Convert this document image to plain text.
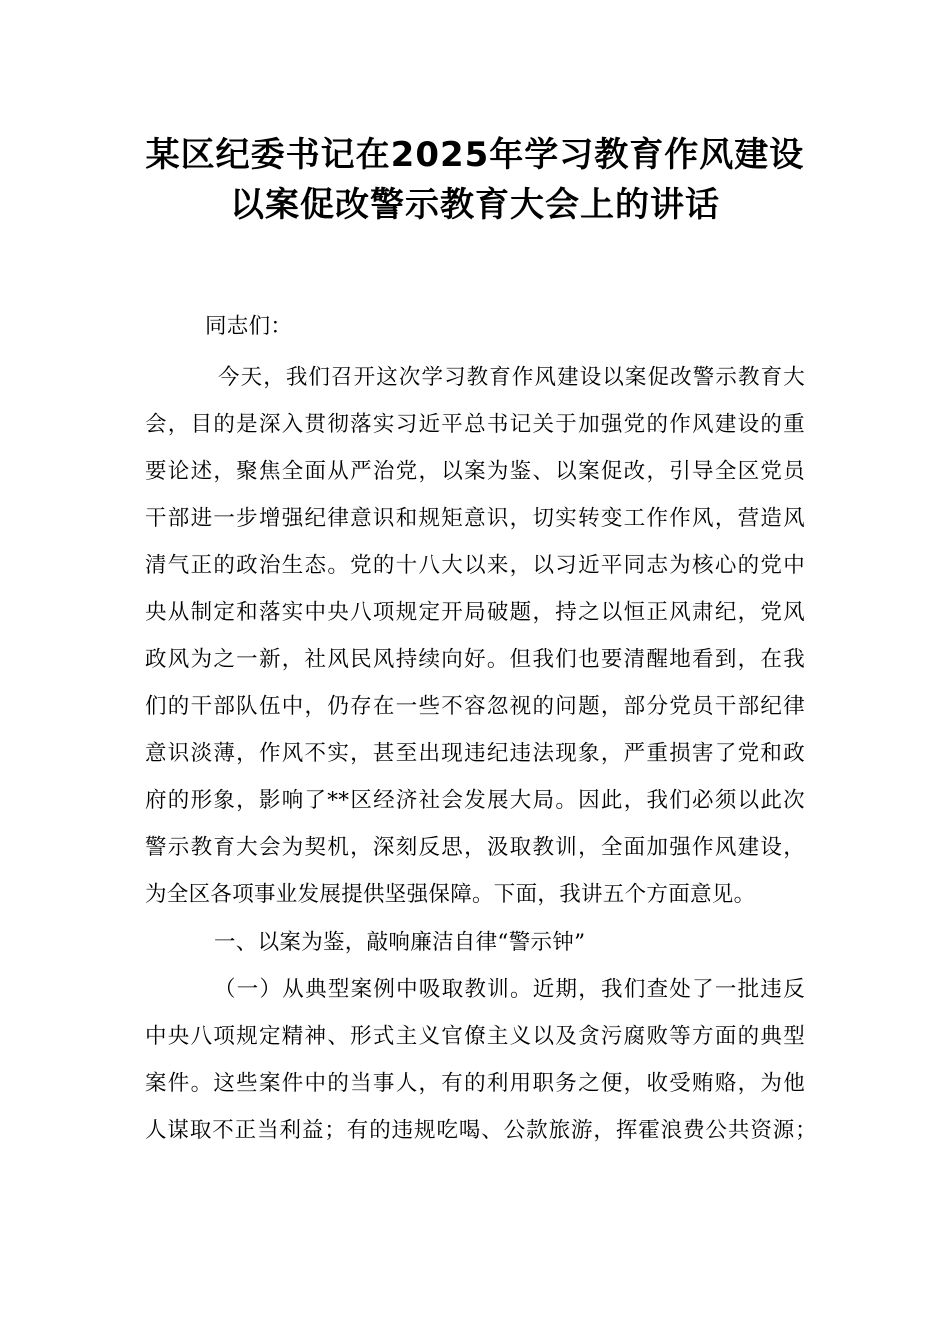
某区纪委书记在2025年学习教育作风建设
以案促改警示教育大会上的讲话
同志们：
今天，我们召开这次学习教育作风建设以案促改警示教育大
会，目的是深入贯彻落实习近平总书记关于加强党的作风建设的重
要论述，聚焦全面从严治党，以案为鉴、以案促改，引导全区党员
干部进一步增强纪律意识和规矩意识，切实转变工作作风，营造风
清气正的政治生态。党的十八大以来，以习近平同志为核心的党中
央从制定和落实中央八项规定开局破题，持之以恒正风肃纪，党风
政风为之一新，社风民风持续向好。但我们也要清醒地看到，在我
们的干部队伍中，仍存在一些不容忽视的问题，部分党员干部纪律
意识淡薄，作风不实，甚至出现违纪违法现象，严重损害了党和政
府的形象，影响了**区经济社会发展大局。因此，我们必须以此次
警示教育大会为契机，深刻反思，汲取教训，全面加强作风建设，
为全区各项事业发展提供坚强保障。下面，我讲五个方面意见。
一、以案为鉴，敲响廉洁自律“警示钟”
（一）从典型案例中吸取教训。近期，我们查处了一批违反
中央八项规定精神、形式主义官僚主义以及贪污腐败等方面的典型
案件。这些案件中的当事人，有的利用职务之便，收受贿赂，为他
人谋取不正当利益；有的违规吃喝、公款旅游，挥霍浪费公共资源；
